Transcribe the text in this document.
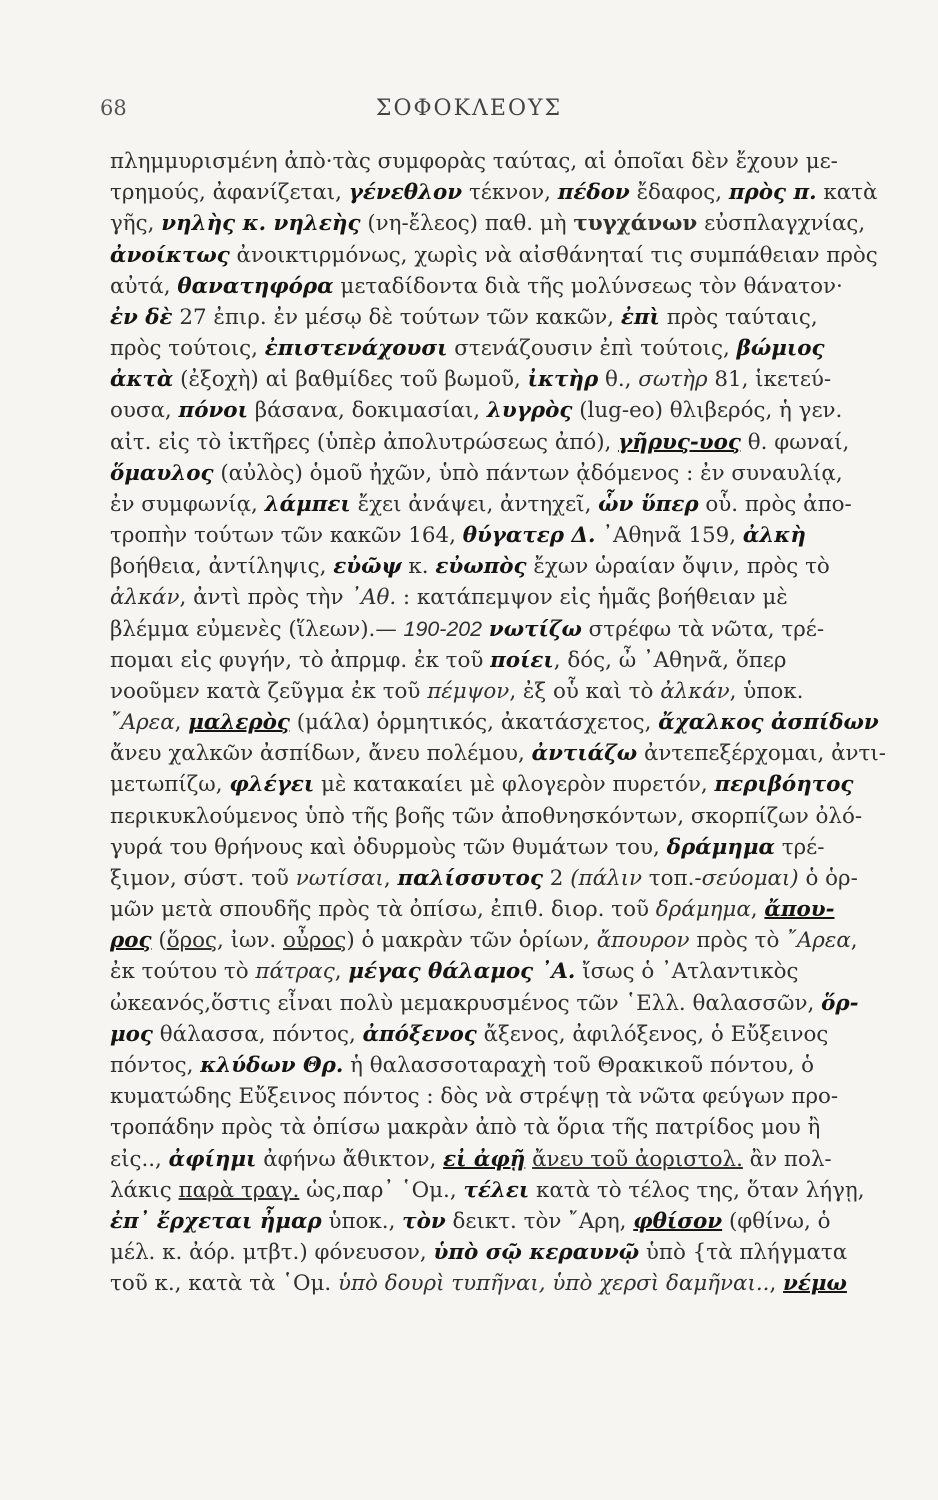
68	ΣΟΦΟΚΛΕΟΥΣ
πλημμυρισμένη ἀπὸ·τὰς συμφορὰς ταύτας, αἱ ὁποῖαι δὲν ἔχουν με-
τρημούς, ἀφανίζεται, γένεθλον τέκνον, πέδον ἔδαφος, πρὸς π. κατὰ
γῆς, νηλὴς κ. νηλεὴς (νη-ἔλεος) παθ. μὴ τυγχάνων εὐσπλαγχνίας,
ἀνοίκτως ἀνοικτιρμόνως, χωρὶς νὰ αἰσθάνηταί τις συμπάθειαν πρὸς
αὐτά, θανατηφόρα μεταδίδοντα διὰ τῆς μολύνσεως τὸν θάνατον·
ἐν δὲ 27 ἐπιρ. ἐν μέσῳ δὲ τούτων τῶν κακῶν, ἐπὶ πρὸς ταύταις,
πρὸς τούτοις, ἐπιστενάχουσι στενάζουσιν ἐπὶ τούτοις, βώμιος
ἀκτὰ (ἐξοχὴ) αἱ βαθμίδες τοῦ βωμοῦ, ἰκτὴρ θ., σωτὴρ 81, ἱκετεύ-
ουσα, πόνοι βάσανα, δοκιμασίαι, λυγρὸς (lug-eo) θλιβερός, ἡ γεν.
αἰτ. εἰς τὸ ἰκτῆρες (ὑπὲρ ἀπολυτρώσεως ἀπό), γῆρυς-υος θ. φωναί,
ὅμαυλος (αὐλὸς) ὁμοῦ ἠχῶν, ὑπὸ πάντων ᾀδόμενος : ἐν συναυλίᾳ,
ἐν συμφωνίᾳ, λάμπει ἔχει ἀνάψει, ἀντηχεῖ, ὧν ὕπερ οὗ. πρὸς ἀπο-
τροπὴν τούτων τῶν κακῶν 164, θύγατερ Δ. ᾿Αθηνᾶ 159, ἀλκὴ
βοήθεια, ἀντίληψις, εὐῶψ κ. εὐωπὸς ἔχων ὡραίαν ὄψιν, πρὸς τὸ
ἀλκάν, ἀντὶ πρὸς τὴν ᾿Αθ. : κατάπεμψον εἰς ἡμᾶς βοήθειαν μὲ
βλέμμα εὐμενὲς (ἵλεων).— 190-202 νωτίζω στρέφω τὰ νῶτα, τρέ-
πομαι εἰς φυγήν, τὸ ἀπρμφ. ἐκ τοῦ ποίει, δός, ὦ ᾿Αθηνᾶ, ὅπερ
νοοῦμεν κατὰ ζεῦγμα ἐκ τοῦ πέμψον, ἐξ οὗ καὶ τὸ ἀλκάν, ὑποκ.
῎Αρεα, μαλερὸς (μάλα) ὁρμητικός, ἀκατάσχετος, ἄχαλκος ἀσπίδων
ἄνευ χαλκῶν ἀσπίδων, ἄνευ πολέμου, ἀντιάζω ἀντεπεξέρχομαι, ἀντι-
μετωπίζω, φλέγει μὲ κατακαίει μὲ φλογερὸν πυρετόν, περιβόητος
περικυκλούμενος ὑπὸ τῆς βοῆς τῶν ἀποθνησκόντων, σκορπίζων ὀλό-
γυρά του θρήνους καὶ ὀδυρμοὺς τῶν θυμάτων του, δράμημα τρέ-
ξιμον, σύστ. τοῦ νωτίσαι, παλίσσυτος 2 (πάλιν τοπ.-σεύομαι) ὁ ὁρ-
μῶν μετὰ σπουδῆς πρὸς τὰ ὀπίσω, ἐπιθ. διορ. τοῦ δράμημα, ἄπου-
ρος (ὅρος, ἰων. οὖρος) ὁ μακρὰν τῶν ὁρίων, ἄπουρον πρὸς τὸ ῎Αρεα,
ἐκ τούτου τὸ πάτρας, μέγας θάλαμος ᾿Α. ἴσως ὁ ᾿Ατλαντικὸς
ὠκεανός,ὅστις εἶναι πολὺ μεμακρυσμένος τῶν ῾Ελλ. θαλασσῶν, ὅρ-
μος θάλασσα, πόντος, ἀπόξενος ἄξενος, ἀφιλόξενος, ὁ Εὔξεινος
πόντος, κλύδων Θρ. ἡ θαλασσοταραχὴ τοῦ Θρακικοῦ πόντου, ὁ
κυματώδης Εὔξεινος πόντος : δὸς νὰ στρέψῃ τὰ νῶτα φεύγων προ-
τροπάδην πρὸς τὰ ὀπίσω μακρὰν ἀπὸ τὰ ὅρια τῆς πατρίδος μου ἢ
εἰς.., ἀφίημι ἀφήνω ἄθικτον, εἰ ἀφῇ ἄνευ τοῦ ἀοριστολ. ἂν πολ-
λάκις παρὰ τραγ. ὡς,παρ᾿ ῾Ομ., τέλει κατὰ τὸ τέλος της, ὅταν λήγῃ,
ἐπ᾿ ἔρχεται ἦμαρ ὑποκ., τὸν δεικτ. τὸν ῎Αρη, φθίσον (φθίνω, ὁ
μέλ. κ. ἀόρ. μτβτ.) φόνευσον, ὑπὸ σῷ κεραυνῷ ὑπὸ {τὰ πλήγματα
τοῦ κ., κατὰ τὰ ῾Ομ. ὑπὸ δουρὶ τυπῆναι, ὑπὸ χερσὶ δαμῆναι.., νέμω
